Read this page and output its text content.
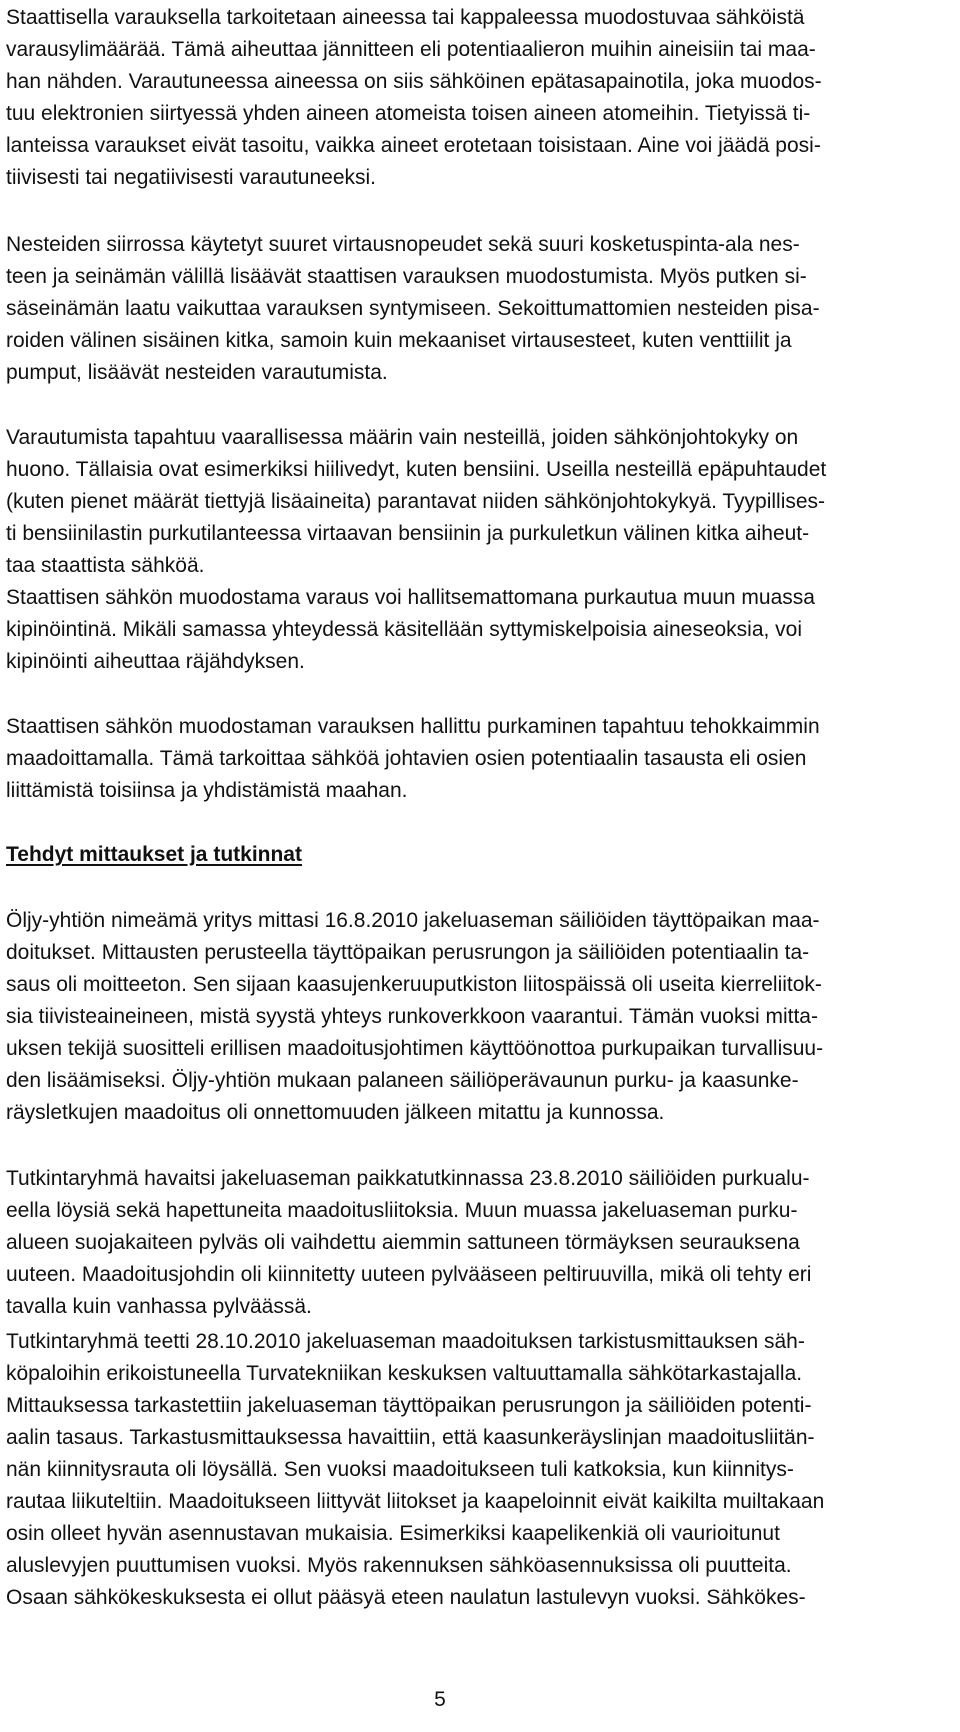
Staattisella varauksella tarkoitetaan aineessa tai kappaleessa muodostuvaa sähköistä
varausylimäärää. Tämä aiheuttaa jännitteen eli potentiaalieron muihin aineisiin tai maa-
han nähden. Varautuneessa aineessa on siis sähköinen epätasapainotila, joka muodos-
tuu elektronien siirtyessä yhden aineen atomeista toisen aineen atomeihin. Tietyissä ti-
lanteissa varaukset eivät tasoitu, vaikka aineet erotetaan toisistaan. Aine voi jäädä posi-
tiivisesti tai negatiivisesti varautuneeksi.

Nesteiden siirrossa käytetyt suuret virtausnopeudet sekä suuri kosketuspinta-ala nes-
teen ja seinämän välillä lisäävät staattisen varauksen muodostumista. Myös putken si-
säseinämän laatu vaikuttaa varauksen syntymiseen. Sekoittumattomien nesteiden pisa-
roiden välinen sisäinen kitka, samoin kuin mekaaniset virtausesteet, kuten venttiilit ja
pumput, lisäävät nesteiden varautumista.

Varautumista tapahtuu vaarallisessa määrin vain nesteillä, joiden sähkönjohtokyky on
huono. Tällaisia ovat esimerkiksi hiilivedyt, kuten bensiini. Useilla nesteillä epäpuhtaudet
(kuten pienet määrät tiettyjä lisäaineita) parantavat niiden sähkönjohtokykyä. Tyypillises-
ti bensiinilastin purkutilanteessa virtaavan bensiinin ja purkuletkun välinen kitka aiheut-
taa staattista sähköä.

Staattisen sähkön muodostama varaus voi hallitsemattomana purkautua muun muassa
kipinöintinä. Mikäli samassa yhteydessä käsitellään syttymiskelpoisia aineseoksia, voi
kipinöinti aiheuttaa räjähdyksen.

Staattisen sähkön muodostaman varauksen hallittu purkaminen tapahtuu tehokkaimmin
maadoittamalla. Tämä tarkoittaa sähköä johtavien osien potentiaalin tasausta eli osien
liittämistä toisiinsa ja yhdistämistä maahan.

Tehdyt mittaukset ja tutkinnat

Öljy-yhtiön nimeämä yritys mittasi 16.8.2010 jakeluaseman säiliöiden täyttöpaikan maa-
doitukset. Mittausten perusteella täyttöpaikan perusrungon ja säiliöiden potentiaalin ta-
saus oli moitteeton. Sen sijaan kaasujenkeruuputkiston liitospäissä oli useita kierreliitok-
sia tiivisteaineineen, mistä syystä yhteys runkoverkkoon vaarantui. Tämän vuoksi mitta-
uksen tekijä suositteli erillisen maadoitusjohtimen käyttöönottoa purkupaikan turvallisuu-
den lisäämiseksi. Öljy-yhtiön mukaan palaneen säiliöperävaunun purku- ja kaasunke-
räysletkujen maadoitus oli onnettomuuden jälkeen mitattu ja kunnossa.

Tutkintaryhmä havaitsi jakeluaseman paikkatutkinnassa 23.8.2010 säiliöiden purkualu-
eella löysiä sekä hapettuneita maadoitusliitoksia. Muun muassa jakeluaseman purku-
alueen suojakaiteen pylväs oli vaihdettu aiemmin sattuneen törmäyksen seurauksena
uuteen. Maadoitusjohdin oli kiinnitetty uuteen pylvääseen peltiruuvilla, mikä oli tehty eri
tavalla kuin vanhassa pylväässä.

Tutkintaryhmä teetti 28.10.2010 jakeluaseman maadoituksen tarkistusmittauksen säh-
köpaloihin erikoistuneella Turvatekniikan keskuksen valtuuttamalla sähkötarkastajalla.
Mittauksessa tarkastettiin jakeluaseman täyttöpaikan perusrungon ja säiliöiden potenti-
aalin tasaus. Tarkastusmittauksessa havaittiin, että kaasunkeräyslinjan maadoitusliitän-
nän kiinnitysrauta oli löysällä. Sen vuoksi maadoitukseen tuli katkoksia, kun kiinnitys-
rautaa liikuteltiin. Maadoitukseen liittyvät liitokset ja kaapeloinnit eivät kaikilta muiltakaan
osin olleet hyvän asennustavan mukaisia. Esimerkiksi kaapelikenkiä oli vaurioitunut
aluslevyjen puuttumisen vuoksi. Myös rakennuksen sähköasennuksissa oli puutteita.
Osaan sähkökeskuksesta ei ollut pääsyä eteen naulatun lastulevyn vuoksi. Sähkökes-

5
